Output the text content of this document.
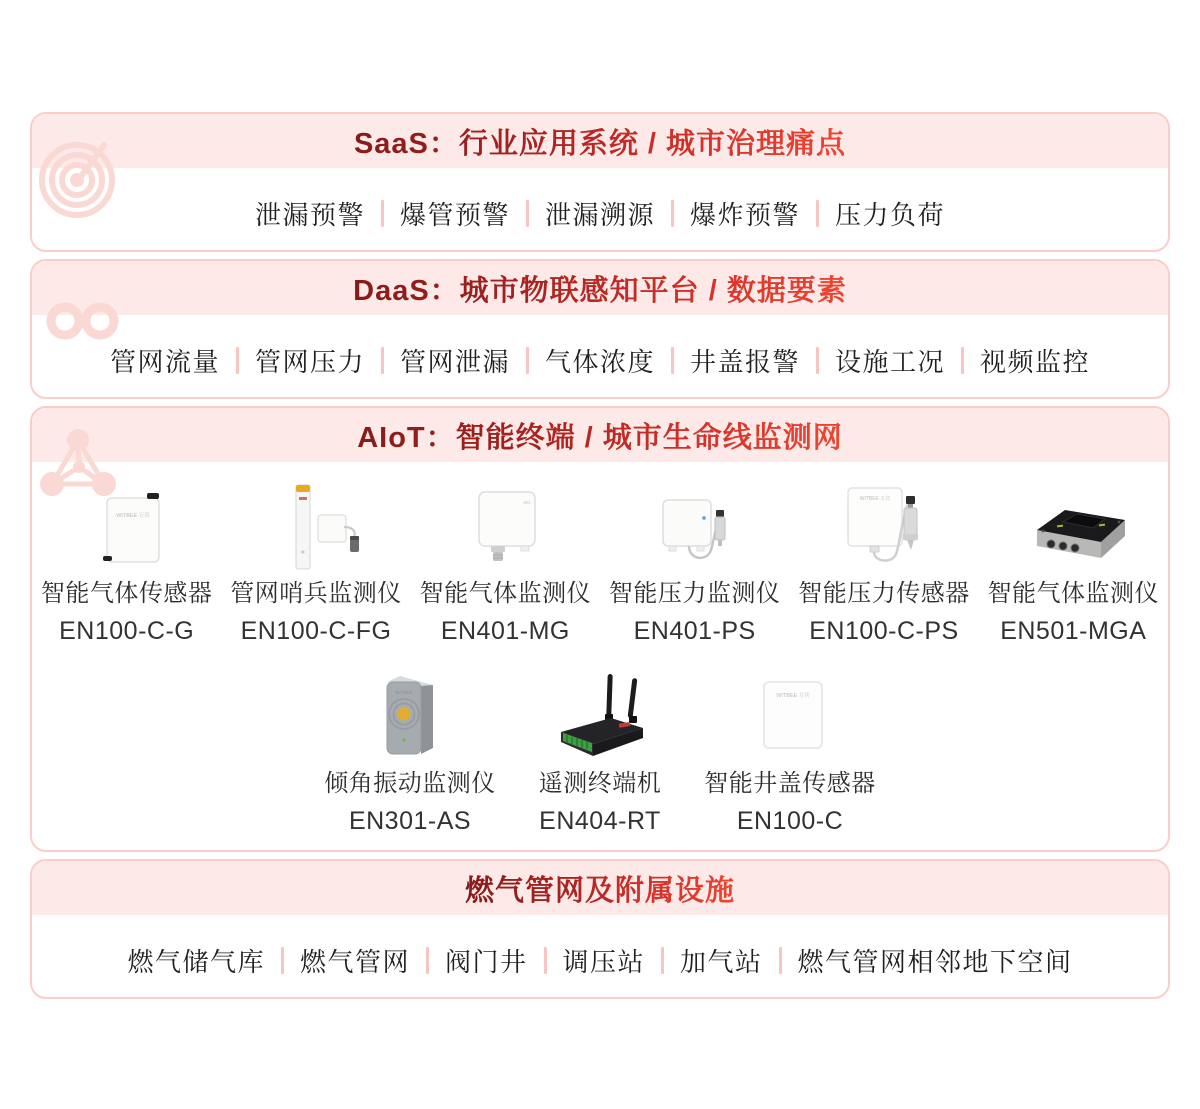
SaaS：行业应用系统 / 城市治理痛点
泄漏预警 爆管预警 泄漏溯源 爆炸预警 压力负荷
DaaS：城市物联感知平台 / 数据要素
管网流量 管网压力 管网泄漏 气体浓度 井盖报警 设施工况 视频监控
AIoT：智能终端 / 城市生命线监测网
WITBEE 万宾
智能气体传感器
EN100-C-G
管网哨兵监测仪
EN100-C-FG
MG
智能气体监测仪
EN401-MG
智能压力监测仪
EN401-PS
WITBEE 万宾
智能压力传感器
EN100-C-PS
智能气体监测仪
EN501-MGA
WITBEE
倾角振动监测仪
EN301-AS
遥测终端机
EN404-RT
WITBEE 万宾
智能井盖传感器
EN100-C
燃气管网及附属设施
燃气储气库 燃气管网 阀门井 调压站 加气站 燃气管网相邻地下空间
